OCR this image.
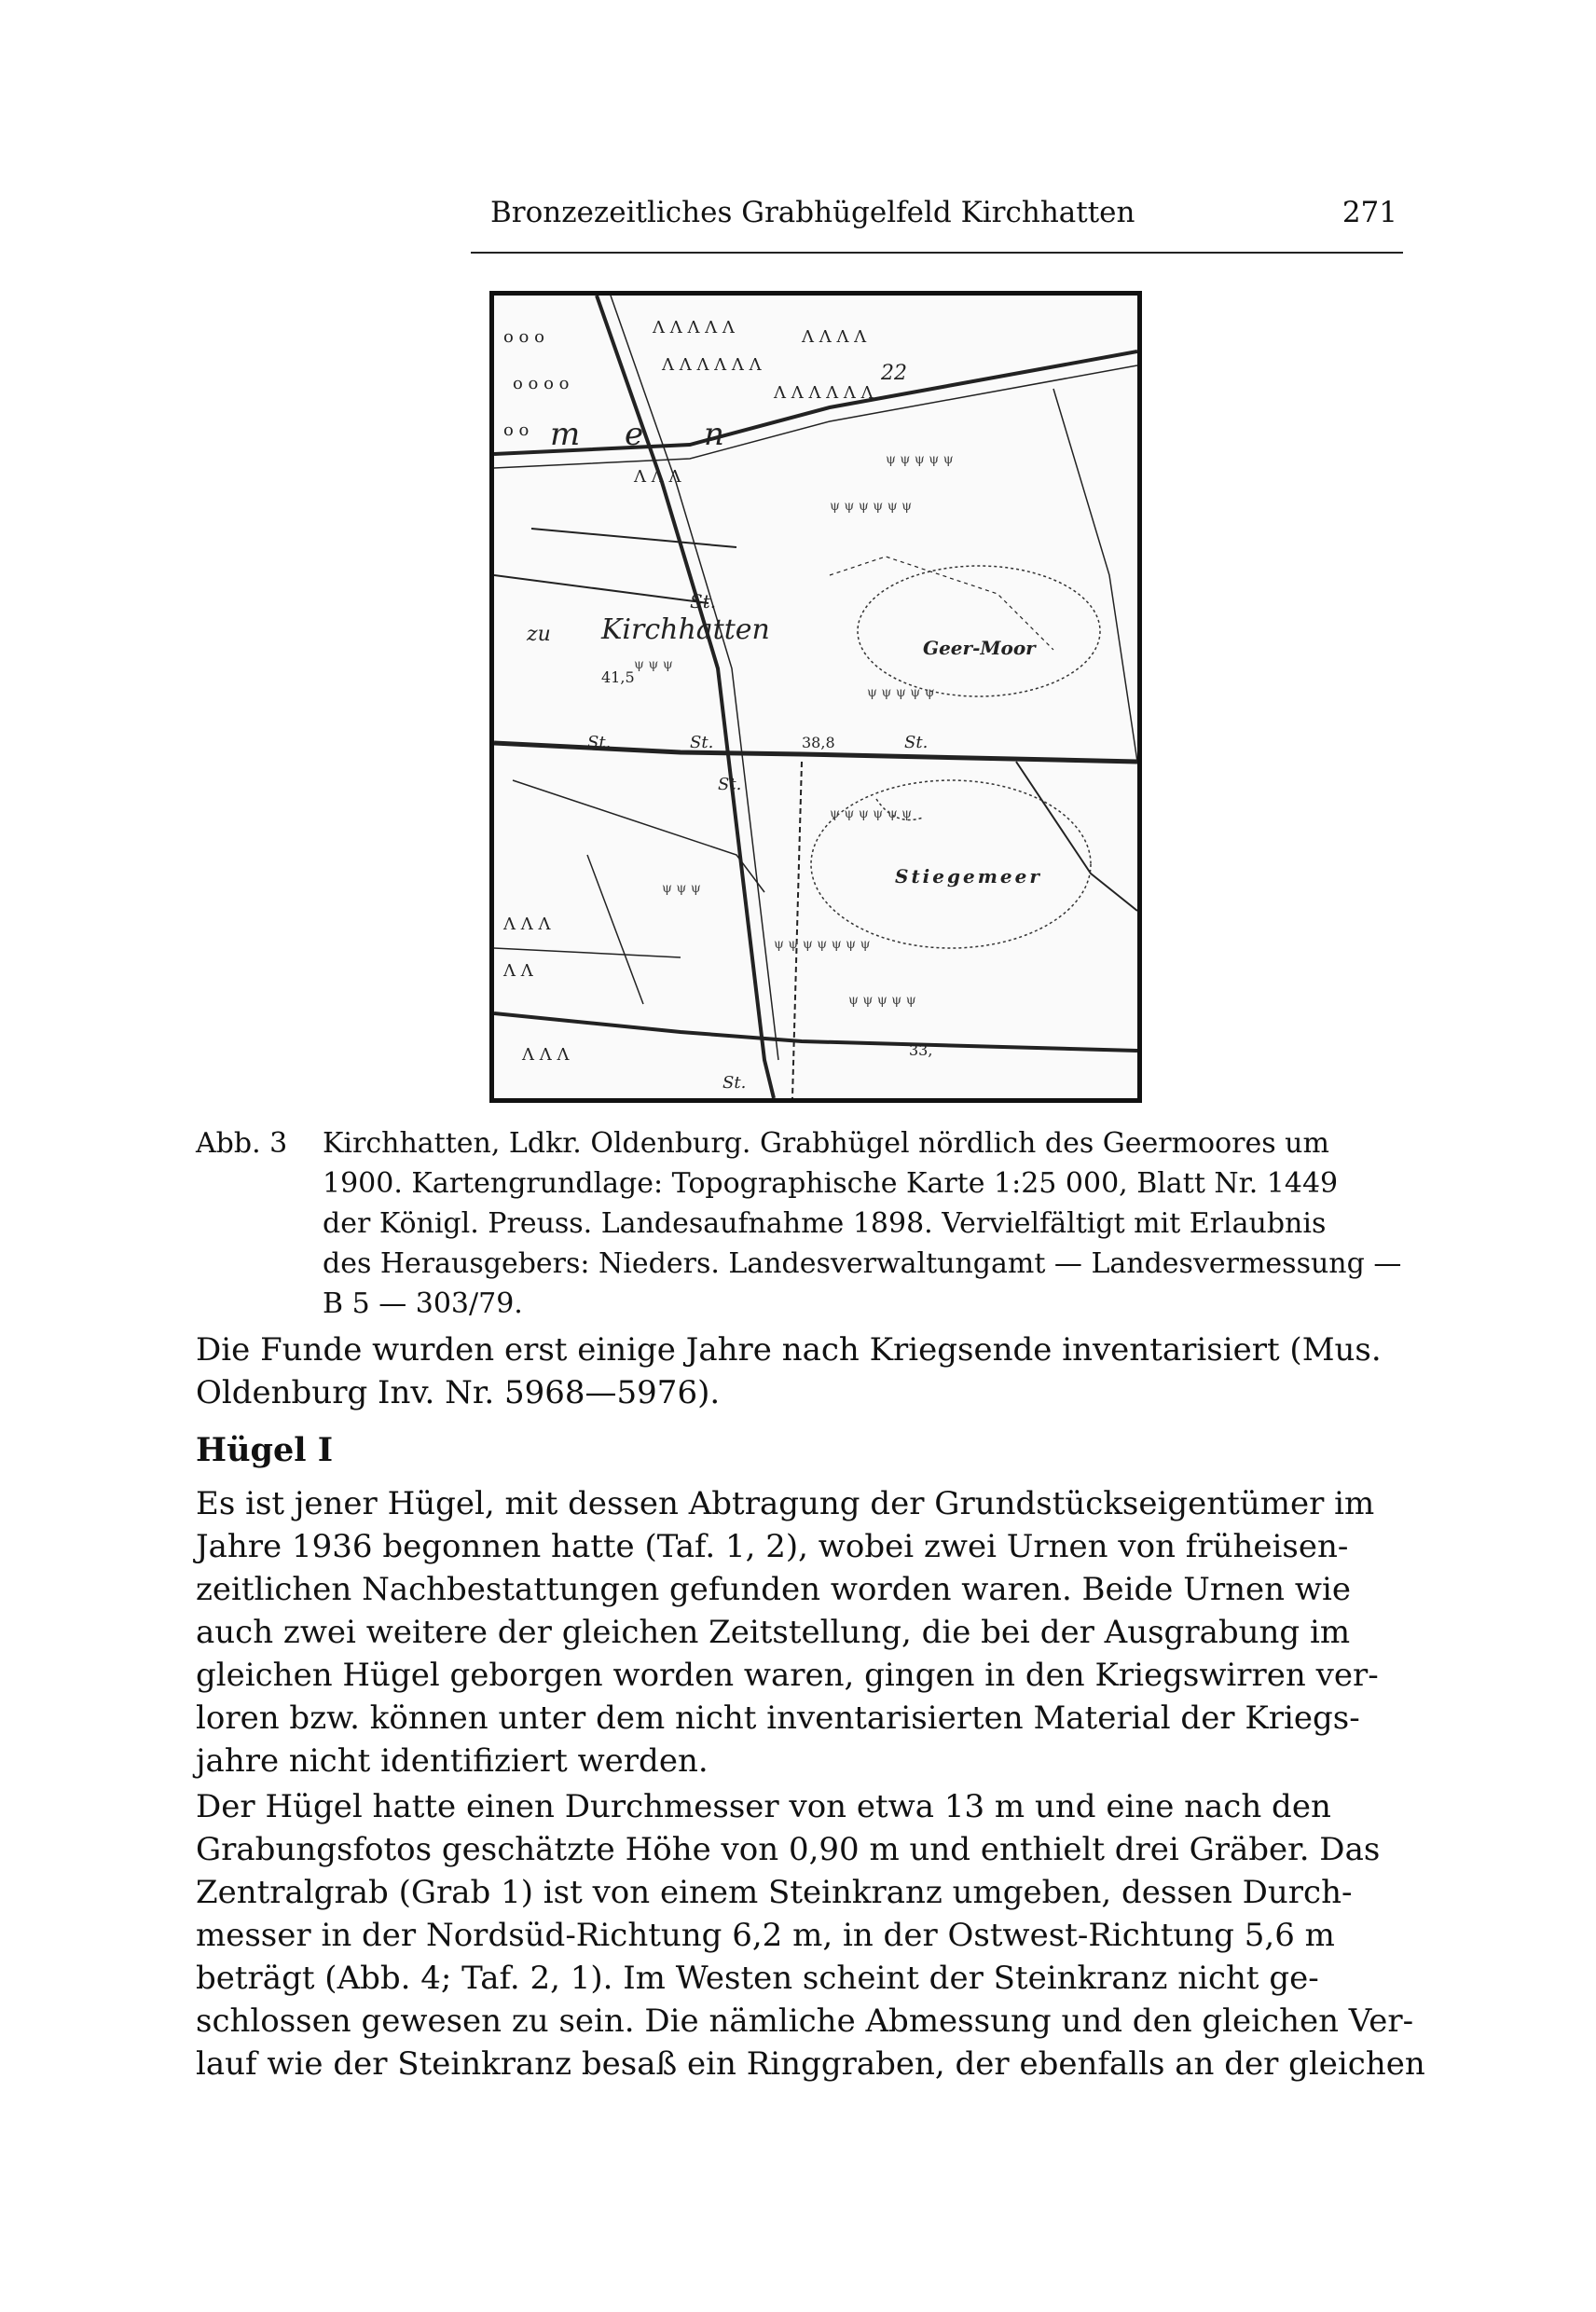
Bronzezeitliches Grabhügelfeld Kirchhatten	271
Λ Λ Λ Λ Λ
Λ Λ Λ Λ Λ Λ
Λ Λ Λ Λ
Λ Λ Λ Λ Λ Λ
Λ Λ Λ
Λ Λ Λ
Λ Λ
Λ Λ Λ
o o o
o o o o
o o
ψ ψ ψ ψ ψ
ψ ψ ψ ψ ψ ψ
ψ ψ ψ ψ ψ
ψ ψ ψ ψ ψ ψ
ψ ψ ψ ψ ψ ψ ψ
ψ ψ ψ ψ ψ
ψ ψ ψ
ψ ψ ψ
m e n
22
St.
zu Kirchhatten
41,5
Geer-Moor
St.	St.	38,8	St.
St.
Stiegemeer
33,
St.
Abb. 3 Kirchhatten, Ldkr. Oldenburg. Grabhügel nördlich des Geermoores um
1900. Kartengrundlage: Topographische Karte 1:25 000, Blatt Nr. 1449
der Königl. Preuss. Landesaufnahme 1898. Vervielfältigt mit Erlaubnis
des Herausgebers: Nieders. Landesverwaltungamt — Landesvermessung —
B 5 — 303/79.
Die Funde wurden erst einige Jahre nach Kriegsende inventarisiert (Mus.
Oldenburg Inv. Nr. 5968—5976).
Hügel I
Es ist jener Hügel, mit dessen Abtragung der Grundstückseigentümer im
Jahre 1936 begonnen hatte (Taf. 1, 2), wobei zwei Urnen von früheisen-
zeitlichen Nachbestattungen gefunden worden waren. Beide Urnen wie
auch zwei weitere der gleichen Zeitstellung, die bei der Ausgrabung im
gleichen Hügel geborgen worden waren, gingen in den Kriegswirren ver-
loren bzw. können unter dem nicht inventarisierten Material der Kriegs-
jahre nicht identifiziert werden.
Der Hügel hatte einen Durchmesser von etwa 13 m und eine nach den
Grabungsfotos geschätzte Höhe von 0,90 m und enthielt drei Gräber. Das
Zentralgrab (Grab 1) ist von einem Steinkranz umgeben, dessen Durch-
messer in der Nordsüd-Richtung 6,2 m, in der Ostwest-Richtung 5,6 m
beträgt (Abb. 4; Taf. 2, 1). Im Westen scheint der Steinkranz nicht ge-
schlossen gewesen zu sein. Die nämliche Abmessung und den gleichen Ver-
lauf wie der Steinkranz besaß ein Ringgraben, der ebenfalls an der gleichen
